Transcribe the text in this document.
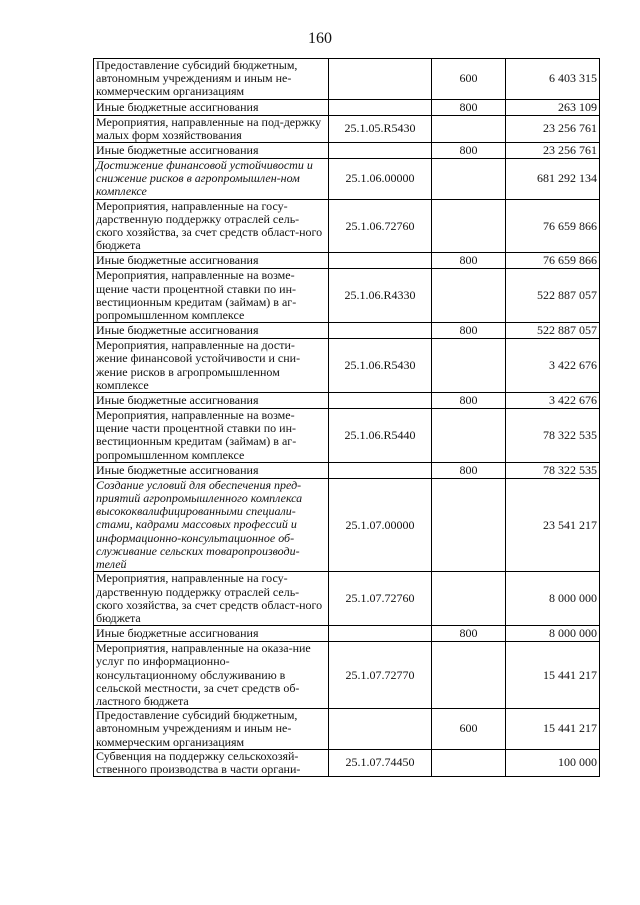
160
Предоставление субсидий бюджетным, автономным учреждениям и иным не-коммерческим организациям		600	6 403 315
Иные бюджетные ассигнования		800	263 109
Мероприятия, направленные на под-держку малых форм хозяйствования	25.1.05.R5430		23 256 761
Иные бюджетные ассигнования		800	23 256 761
Достижение финансовой устойчивости и снижение рисков в агропромышлен-ном комплексе	25.1.06.00000		681 292 134
Мероприятия, направленные на госу-дарственную поддержку отраслей сель-ского хозяйства, за счет средств област-ного бюджета	25.1.06.72760		76 659 866
Иные бюджетные ассигнования		800	76 659 866
Мероприятия, направленные на возме-щение части процентной ставки по ин-вестиционным кредитам (займам) в аг-ропромышленном комплексе	25.1.06.R4330		522 887 057
Иные бюджетные ассигнования		800	522 887 057
Мероприятия, направленные на дости-жение финансовой устойчивости и сни-жение рисков в агропромышленном комплексе	25.1.06.R5430		3 422 676
Иные бюджетные ассигнования		800	3 422 676
Мероприятия, направленные на возме-щение части процентной ставки по ин-вестиционным кредитам (займам) в аг-ропромышленном комплексе	25.1.06.R5440		78 322 535
Иные бюджетные ассигнования		800	78 322 535
Создание условий для обеспечения пред-приятий агропромышленного комплекса высококвалифицированными специали-стами, кадрами массовых профессий и информационно-консультационное об-служивание сельских товаропроизводи-телей	25.1.07.00000		23 541 217
Мероприятия, направленные на госу-дарственную поддержку отраслей сель-ского хозяйства, за счет средств област-ного бюджета	25.1.07.72760		8 000 000
Иные бюджетные ассигнования		800	8 000 000
Мероприятия, направленные на оказа-ние услуг по информационно-консультационному обслуживанию в сельской местности, за счет средств об-ластного бюджета	25.1.07.72770		15 441 217
Предоставление субсидий бюджетным, автономным учреждениям и иным не-коммерческим организациям		600	15 441 217
Субвенция на поддержку сельскохозяй-ственного производства в части органи-	25.1.07.74450		100 000
